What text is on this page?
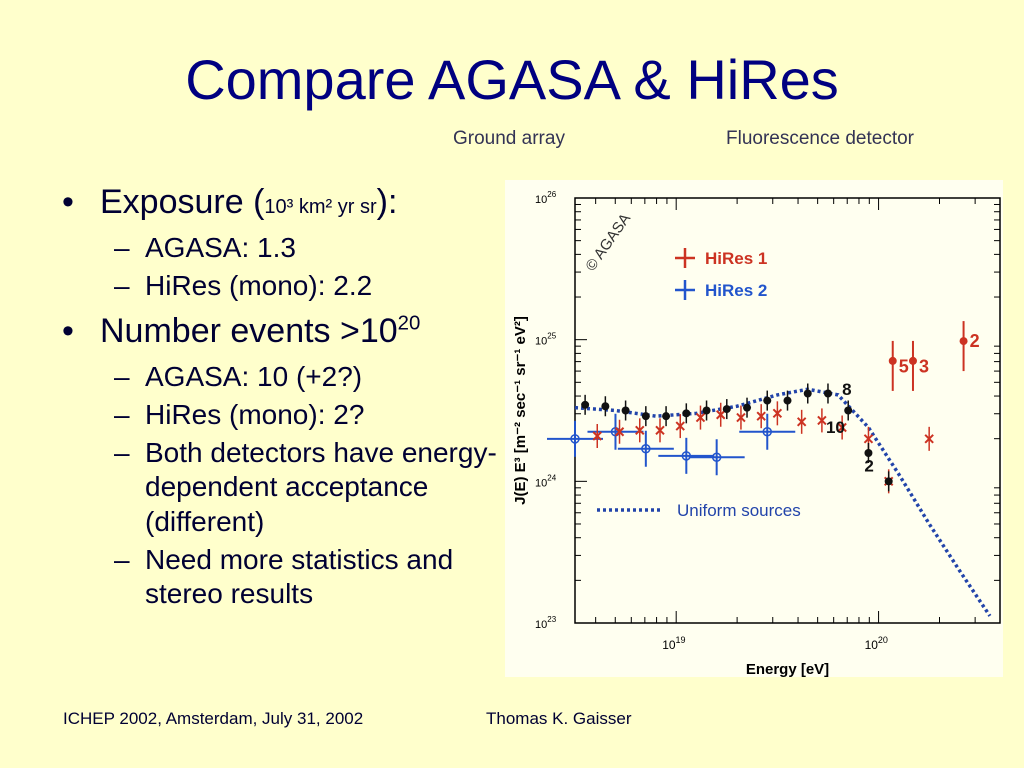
Compare AGASA & HiRes
Ground array	Fluorescence detector
• Exposure (10³ km² yr sr):
– AGASA: 1.3
– HiRes (mono): 2.2
• Number events $>10^{20}$
– AGASA: 10 (+2?)
– HiRes (mono): 2?
– Both detectors have energy-dependent acceptance (different)
– Need more statistics and stereo results
$10^{26}$
$10^{25}$
$10^{24}$
$10^{23}$
$10^{19}$	$10^{20}$
Energy [eV]
J(E) E³ [m⁻² sec⁻¹ sr⁻¹ eV²]
© AGASA	HiRes 1
HiRes 2
Uniform sources
5 3
2
8
10
2
ICHEP 2002, Amsterdam, July 31, 2002	Thomas K. Gaisser
